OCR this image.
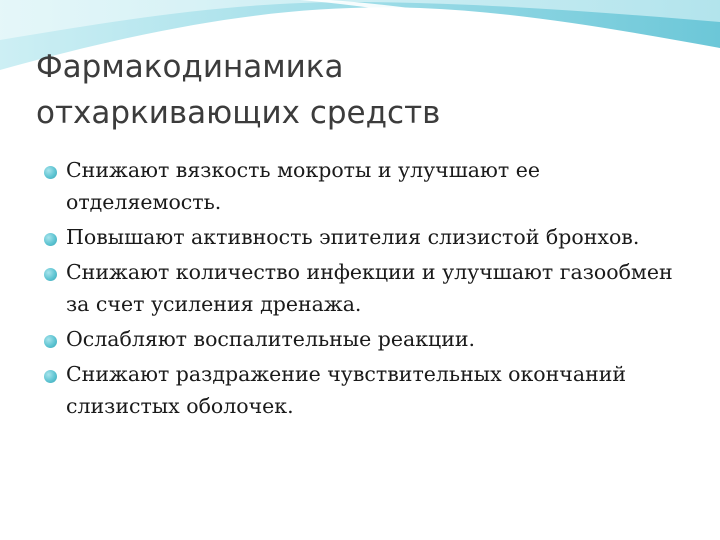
Фармакодинамика
отхаркивающих средств
Снижают вязкость мокроты и улучшают ее отделяемость.
Повышают активность эпителия слизистой бронхов.
Снижают количество инфекции и улучшают газообмен за счет усиления дренажа.
Ослабляют воспалительные реакции.
Снижают раздражение чувствительных окончаний слизистых оболочек.
